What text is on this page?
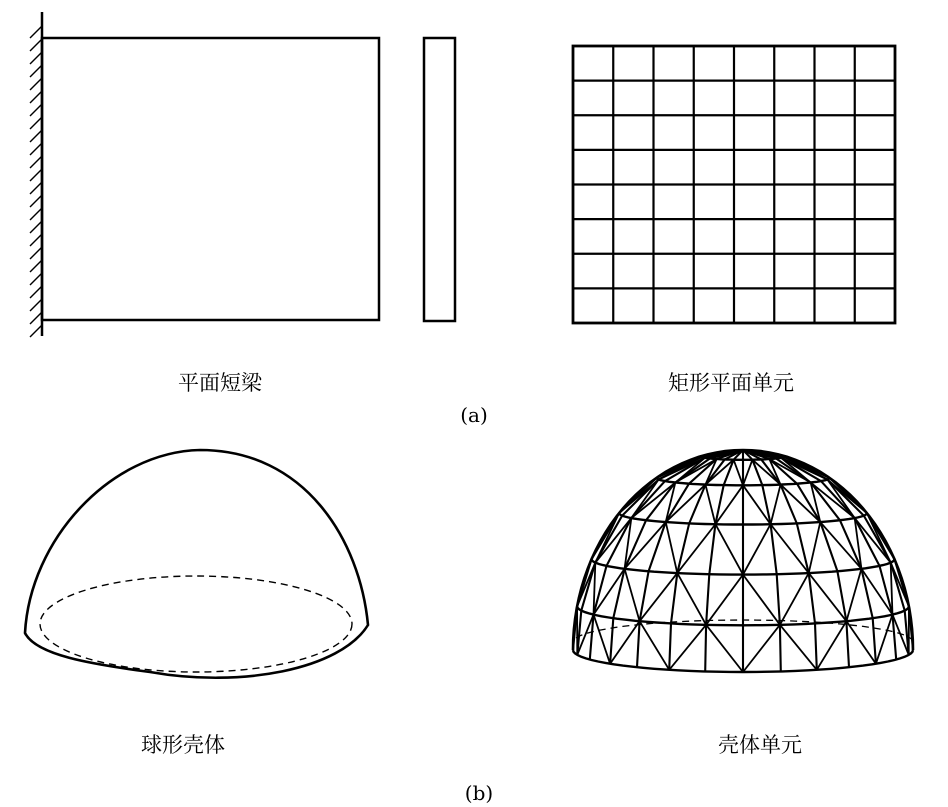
平面短梁	矩形平面单元
(a)
球形壳体	壳体单元
(b)
